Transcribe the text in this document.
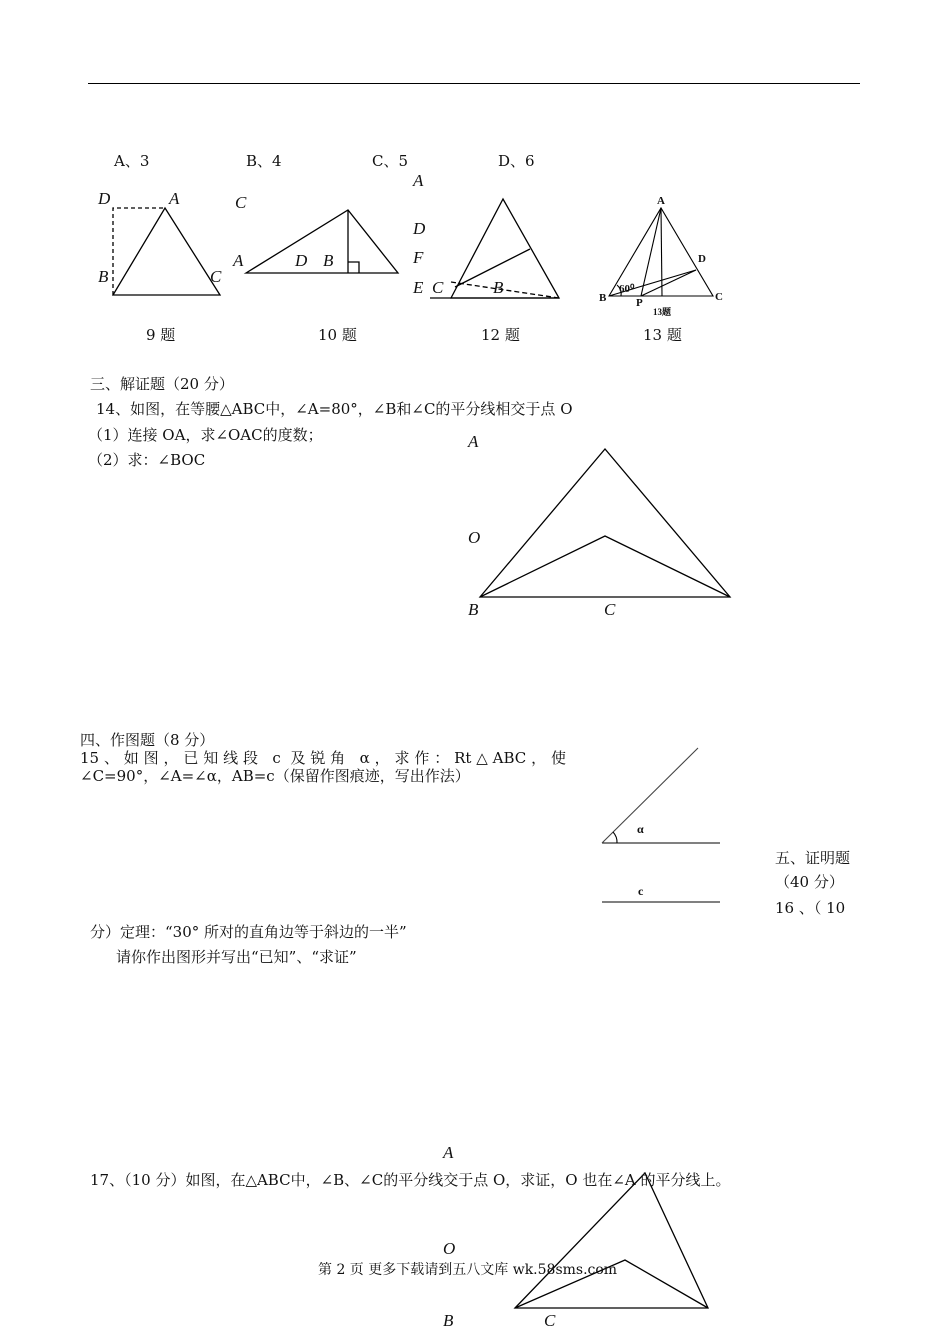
A、3	B、4	C、5	D、6
D	A
B	C
C
A	D B
A
D
F
E C	B
A
D
B	C
P
60⁰
13题
9 题	10 题	12 题	13 题
三、解证题（20 分）
14、如图，在等腰△ABC中，∠A=80°，∠B和∠C的平分线相交于点 O
（1）连接 OA，求∠OAC的度数；
（2）求：∠BOC
A
O
B	C
四、作图题（8 分）
15、如图，已知线段 c 及锐角 α，求作：Rt△ABC，使
∠C=90°，∠A=∠α，AB=c（保留作图痕迹，写出作法）
α
c
五、证明题
（40 分）
16 、（ 10
分）定理：“30° 所对的直角边等于斜边的一半”
请你作出图形并写出“已知”、“求证”
A
17、（10 分）如图，在△ABC中，∠B、∠C的平分线交于点 O，求证，O 也在∠A 的平分线上。
O
第 2 页 更多下载请到五八文库 wk.58sms.com
B	C
